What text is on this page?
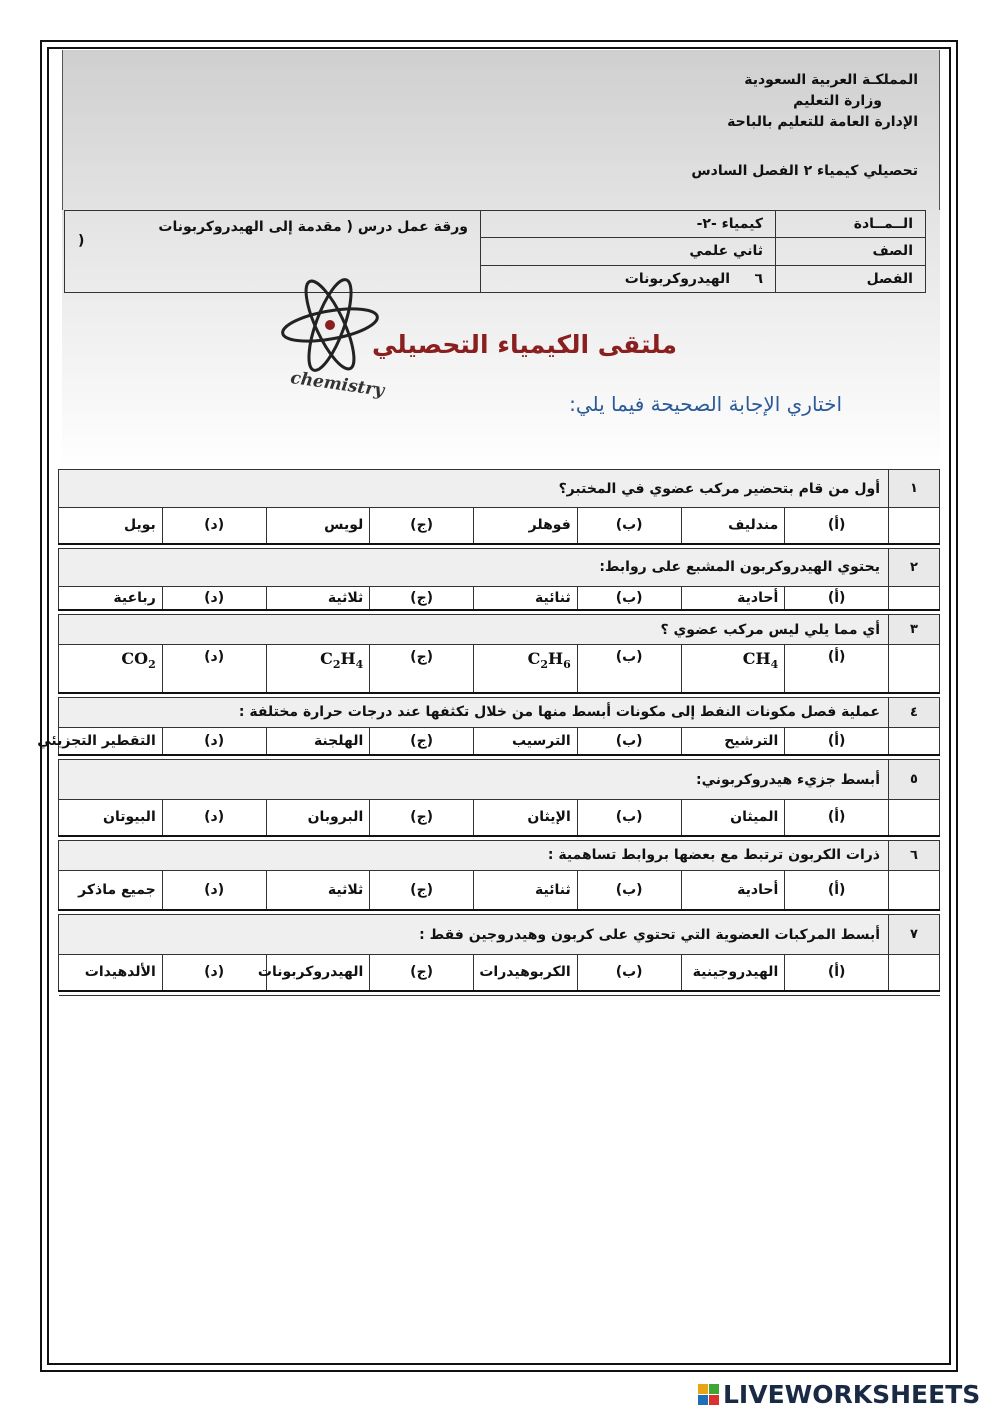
المملكـة العربية السعودية
وزارة التعليم
الإدارة العامة للتعليم بالباحة
تحصيلي كيمياء ٢ الفصل السادس
الــمــادة	كيمياء -٢-	ورقة عمل درس ( مقدمة إلى الهيدروكربونات
الصف	ثاني علمي	
الفصل	٦     الهيدروكربونات	
)
ملتقى الكيمياء التحصيلي
chemistry
اختاري الإجابة الصحيحة فيما يلي:
١	أول من قام بتحضير مركب عضوي في المختبر؟							
	(أ)	مندليف	(ب)	فوهلر	(ج)	لويس	(د)	بويل

٢	يحتوي الهيدروكربون المشبع على روابط:							
	(أ)	أحادية	(ب)	ثنائية	(ج)	ثلاثية	(د)	رباعية

٣	أي مما يلي ليس مركب عضوي ؟							
	(أ)	$CH_4$	(ب)	$C_2H_6$	(ج)	$C_2H_4$	(د)	$CO_2$

٤	عملية فصل مكونات النفط إلى مكونات أبسط منها من خلال تكثفها عند درجات حرارة مختلفة :							
	(أ)	الترشيح	(ب)	الترسيب	(ج)	الهلجنة	(د)	التقطير التجزيئي

٥	أبسط جزيء هيدروكربوني:							
	(أ)	الميثان	(ب)	الإيثان	(ج)	البروبان	(د)	البيوتان

٦	ذرات الكربون ترتبط مع بعضها بروابط تساهمية :							
	(أ)	أحادية	(ب)	ثنائية	(ج)	ثلاثية	(د)	جميع ماذكر

٧	أبسط المركبات العضوية التي تحتوي على كربون وهيدروجين فقط :							
	(أ)	الهيدروجينية	(ب)	الكربوهيدرات	(ج)	الهيدروكربونات	(د)	الألدهيدات

LIVEWORKSHEETS
